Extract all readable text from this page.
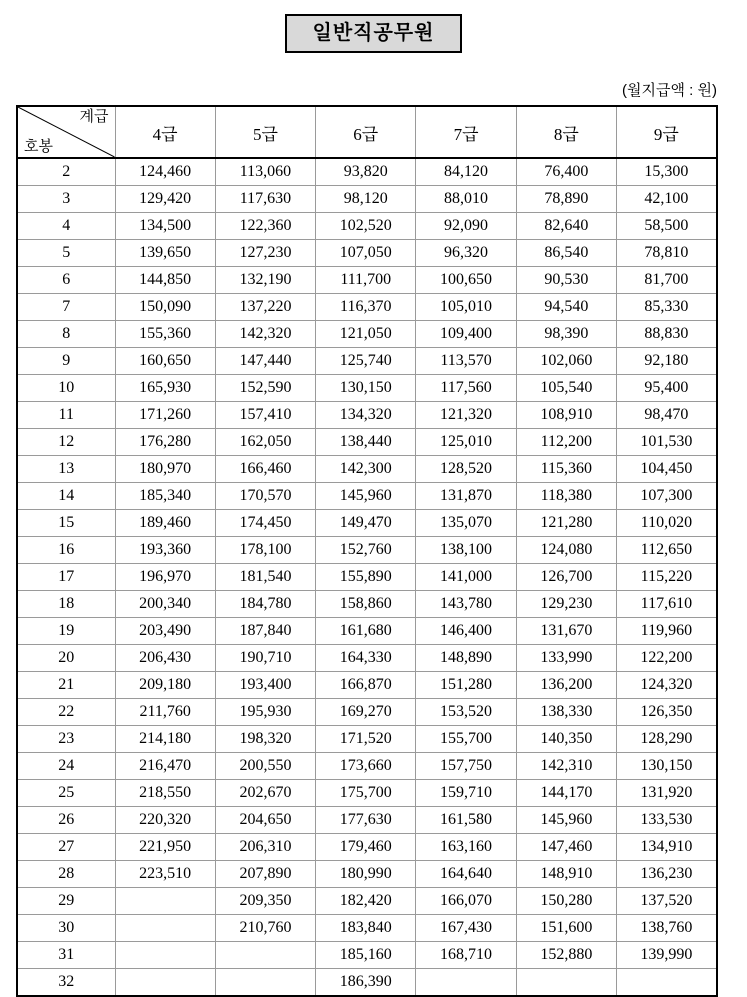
일반직공무원
(월지급액 : 원)
계급
호봉	4급	5급	6급	7급	8급	9급
2	124,460	113,060	93,820	84,120	76,400	15,300
3	129,420	117,630	98,120	88,010	78,890	42,100
4	134,500	122,360	102,520	92,090	82,640	58,500
5	139,650	127,230	107,050	96,320	86,540	78,810
6	144,850	132,190	111,700	100,650	90,530	81,700
7	150,090	137,220	116,370	105,010	94,540	85,330
8	155,360	142,320	121,050	109,400	98,390	88,830
9	160,650	147,440	125,740	113,570	102,060	92,180
10	165,930	152,590	130,150	117,560	105,540	95,400
11	171,260	157,410	134,320	121,320	108,910	98,470
12	176,280	162,050	138,440	125,010	112,200	101,530
13	180,970	166,460	142,300	128,520	115,360	104,450
14	185,340	170,570	145,960	131,870	118,380	107,300
15	189,460	174,450	149,470	135,070	121,280	110,020
16	193,360	178,100	152,760	138,100	124,080	112,650
17	196,970	181,540	155,890	141,000	126,700	115,220
18	200,340	184,780	158,860	143,780	129,230	117,610
19	203,490	187,840	161,680	146,400	131,670	119,960
20	206,430	190,710	164,330	148,890	133,990	122,200
21	209,180	193,400	166,870	151,280	136,200	124,320
22	211,760	195,930	169,270	153,520	138,330	126,350
23	214,180	198,320	171,520	155,700	140,350	128,290
24	216,470	200,550	173,660	157,750	142,310	130,150
25	218,550	202,670	175,700	159,710	144,170	131,920
26	220,320	204,650	177,630	161,580	145,960	133,530
27	221,950	206,310	179,460	163,160	147,460	134,910
28	223,510	207,890	180,990	164,640	148,910	136,230
29		209,350	182,420	166,070	150,280	137,520
30		210,760	183,840	167,430	151,600	138,760
31			185,160	168,710	152,880	139,990
32			186,390			
